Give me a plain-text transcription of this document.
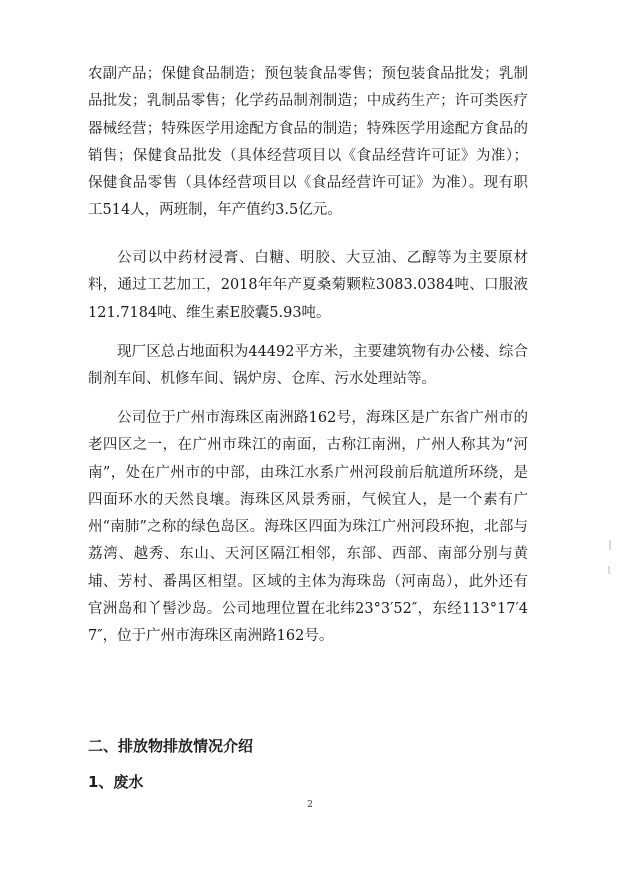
农副产品；保健食品制造；预包装食品零售；预包装食品批发；乳制品批发；乳制品零售；化学药品制剂制造；中成药生产；许可类医疗器械经营；特殊医学用途配方食品的制造；特殊医学用途配方食品的销售；保健食品批发（具体经营项目以《食品经营许可证》为准）；保健食品零售（具体经营项目以《食品经营许可证》为准）。现有职工514人，两班制，年产值约3.5亿元。

公司以中药材浸膏、白糖、明胶、大豆油、乙醇等为主要原材料，通过工艺加工，2018年年产夏桑菊颗粒3083.0384吨、口服液121.7184吨、维生素E胶囊5.93吨。

现厂区总占地面积为44492平方米，主要建筑物有办公楼、综合制剂车间、机修车间、锅炉房、仓库、污水处理站等。

公司位于广州市海珠区南洲路162号，海珠区是广东省广州市的老四区之一，在广州市珠江的南面，古称江南洲，广州人称其为“河南”，处在广州市的中部，由珠江水系广州河段前后航道所环绕，是四面环水的天然良壤。海珠区风景秀丽，气候宜人，是一个素有广州“南肺”之称的绿色岛区。海珠区四面为珠江广州河段环抱，北部与荔湾、越秀、东山、天河区隔江相邻，东部、西部、南部分别与黄埔、芳村、番禺区相望。区域的主体为海珠岛（河南岛），此外还有官洲岛和丫髻沙岛。公司地理位置在北纬23°3′52″，东经113°17′47″，位于广州市海珠区南洲路162号。

二、排放物排放情况介绍
1、废水
2
